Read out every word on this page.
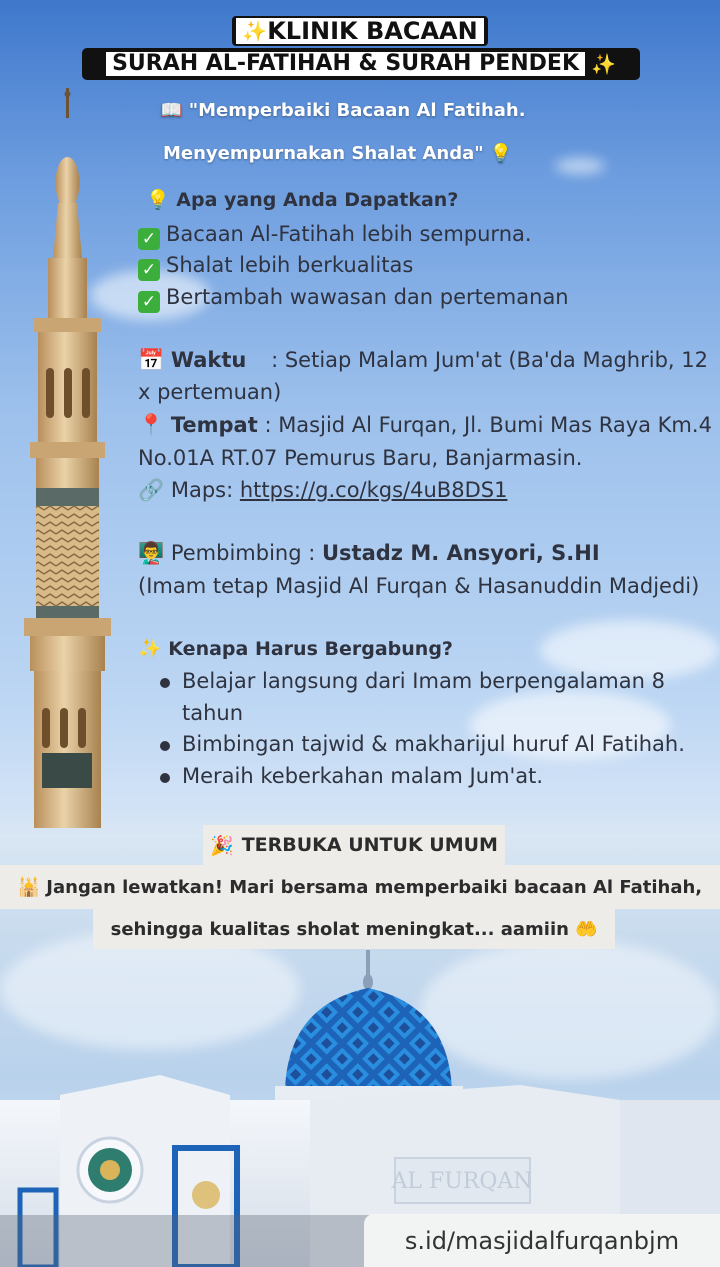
✨ KLINIK BACAAN
SURAH AL-FATIHAH & SURAH PENDEK ✨
📖 "Memperbaiki Bacaan Al Fatihah.
Menyempurnakan Shalat Anda" 💡
💡 Apa yang Anda Dapatkan?
✓ Bacaan Al-Fatihah lebih sempurna.
✓ Shalat lebih berkualitas
✓ Bertambah wawasan dan pertemanan
📅 Waktu : Setiap Malam Jum'at (Ba'da Maghrib, 12
x pertemuan)
📍 Tempat : Masjid Al Furqan, Jl. Bumi Mas Raya Km.4
No.01A RT.07 Pemurus Baru, Banjarmasin.
🔗 Maps: https://g.co/kgs/4uB8DS1
👨‍🏫 Pembimbing : Ustadz M. Ansyori, S.HI
(Imam tetap Masjid Al Furqan & Hasanuddin Madjedi)
✨ Kenapa Harus Bergabung?
Belajar langsung dari Imam berpengalaman 8
tahun
Bimbingan tajwid & makharijul huruf Al Fatihah.
Meraih keberkahan malam Jum'at.
🎉 TERBUKA UNTUK UMUM
🕌 Jangan lewatkan! Mari bersama memperbaiki bacaan Al Fatihah,
sehingga kualitas sholat meningkat... aamiin 🤲
AL FURQAN
s.id/masjidalfurqanbjm
